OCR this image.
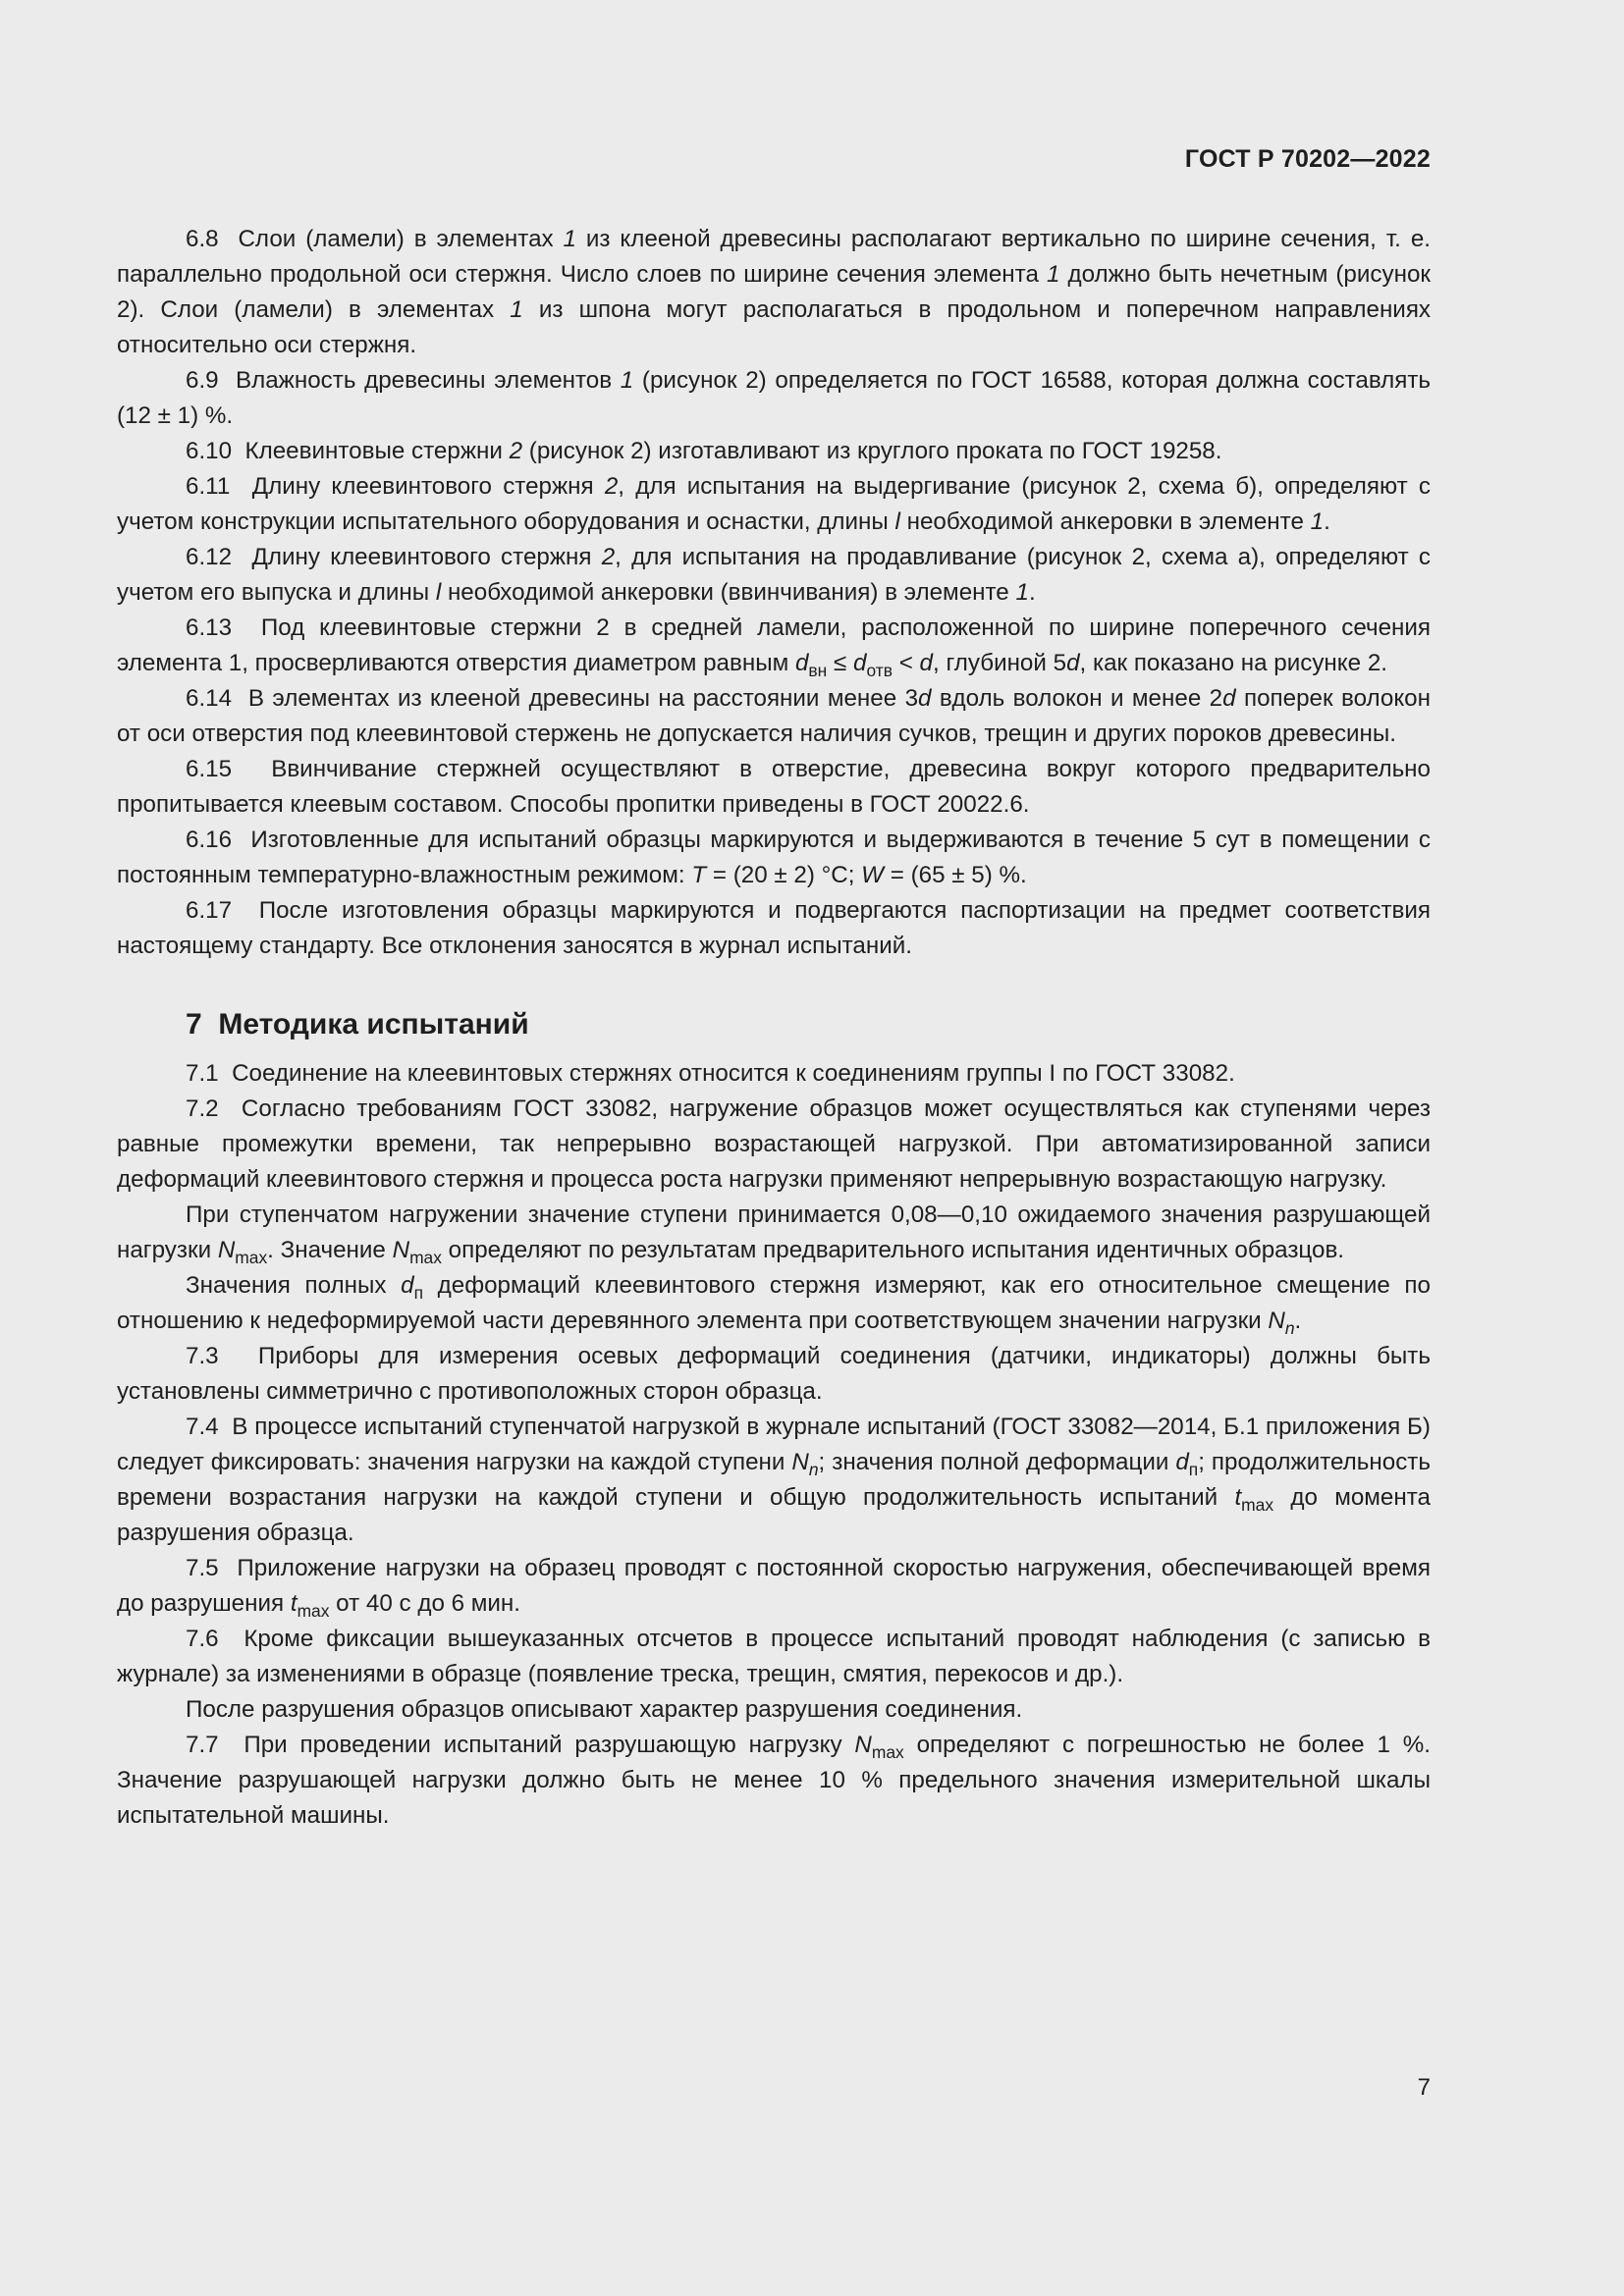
ГОСТ Р 70202—2022

6.8 Слои (ламели) в элементах 1 из клееной древесины располагают вертикально по ширине сечения, т. е. параллельно продольной оси стержня. Число слоев по ширине сечения элемента 1 должно быть нечетным (рисунок 2). Слои (ламели) в элементах 1 из шпона могут располагаться в продольном и поперечном направлениях относительно оси стержня.

6.9 Влажность древесины элементов 1 (рисунок 2) определяется по ГОСТ 16588, которая должна составлять (12 ± 1) %.

6.10 Клеевинтовые стержни 2 (рисунок 2) изготавливают из круглого проката по ГОСТ 19258.

6.11 Длину клеевинтового стержня 2, для испытания на выдергивание (рисунок 2, схема б), определяют с учетом конструкции испытательного оборудования и оснастки, длины l необходимой анкеровки в элементе 1.

6.12 Длину клеевинтового стержня 2, для испытания на продавливание (рисунок 2, схема а), определяют с учетом его выпуска и длины l необходимой анкеровки (ввинчивания) в элементе 1.

6.13 Под клеевинтовые стержни 2 в средней ламели, расположенной по ширине поперечного сечения элемента 1, просверливаются отверстия диаметром равным $d_{вн} \le d_{отв} < d$, глубиной 5d, как показано на рисунке 2.

6.14 В элементах из клееной древесины на расстоянии менее 3d вдоль волокон и менее 2d поперек волокон от оси отверстия под клеевинтовой стержень не допускается наличия сучков, трещин и других пороков древесины.

6.15 Ввинчивание стержней осуществляют в отверстие, древесина вокруг которого предварительно пропитывается клеевым составом. Способы пропитки приведены в ГОСТ 20022.6.

6.16 Изготовленные для испытаний образцы маркируются и выдерживаются в течение 5 сут в помещении с постоянным температурно-влажностным режимом: T = (20 ± 2) °C; W = (65 ± 5) %.

6.17 После изготовления образцы маркируются и подвергаются паспортизации на предмет соответствия настоящему стандарту. Все отклонения заносятся в журнал испытаний.

7 Методика испытаний

7.1 Соединение на клеевинтовых стержнях относится к соединениям группы I по ГОСТ 33082.

7.2 Согласно требованиям ГОСТ 33082, нагружение образцов может осуществляться как ступенями через равные промежутки времени, так непрерывно возрастающей нагрузкой. При автоматизированной записи деформаций клеевинтового стержня и процесса роста нагрузки применяют непрерывную возрастающую нагрузку.

При ступенчатом нагружении значение ступени принимается 0,08—0,10 ожидаемого значения разрушающей нагрузки $N_{max}$. Значение $N_{max}$ определяют по результатам предварительного испытания идентичных образцов.

Значения полных $d_п$ деформаций клеевинтового стержня измеряют, как его относительное смещение по отношению к недеформируемой части деревянного элемента при соответствующем значении нагрузки $N_n$.

7.3 Приборы для измерения осевых деформаций соединения (датчики, индикаторы) должны быть установлены симметрично с противоположных сторон образца.

7.4 В процессе испытаний ступенчатой нагрузкой в журнале испытаний (ГОСТ 33082—2014, Б.1 приложения Б) следует фиксировать: значения нагрузки на каждой ступени $N_n$; значения полной деформации $d_п$; продолжительность времени возрастания нагрузки на каждой ступени и общую продолжительность испытаний $t_{max}$ до момента разрушения образца.

7.5 Приложение нагрузки на образец проводят с постоянной скоростью нагружения, обеспечивающей время до разрушения $t_{max}$ от 40 с до 6 мин.

7.6 Кроме фиксации вышеуказанных отсчетов в процессе испытаний проводят наблюдения (с записью в журнале) за изменениями в образце (появление треска, трещин, смятия, перекосов и др.).

После разрушения образцов описывают характер разрушения соединения.

7.7 При проведении испытаний разрушающую нагрузку $N_{max}$ определяют с погрешностью не более 1 %. Значение разрушающей нагрузки должно быть не менее 10 % предельного значения измерительной шкалы испытательной машины.

7
